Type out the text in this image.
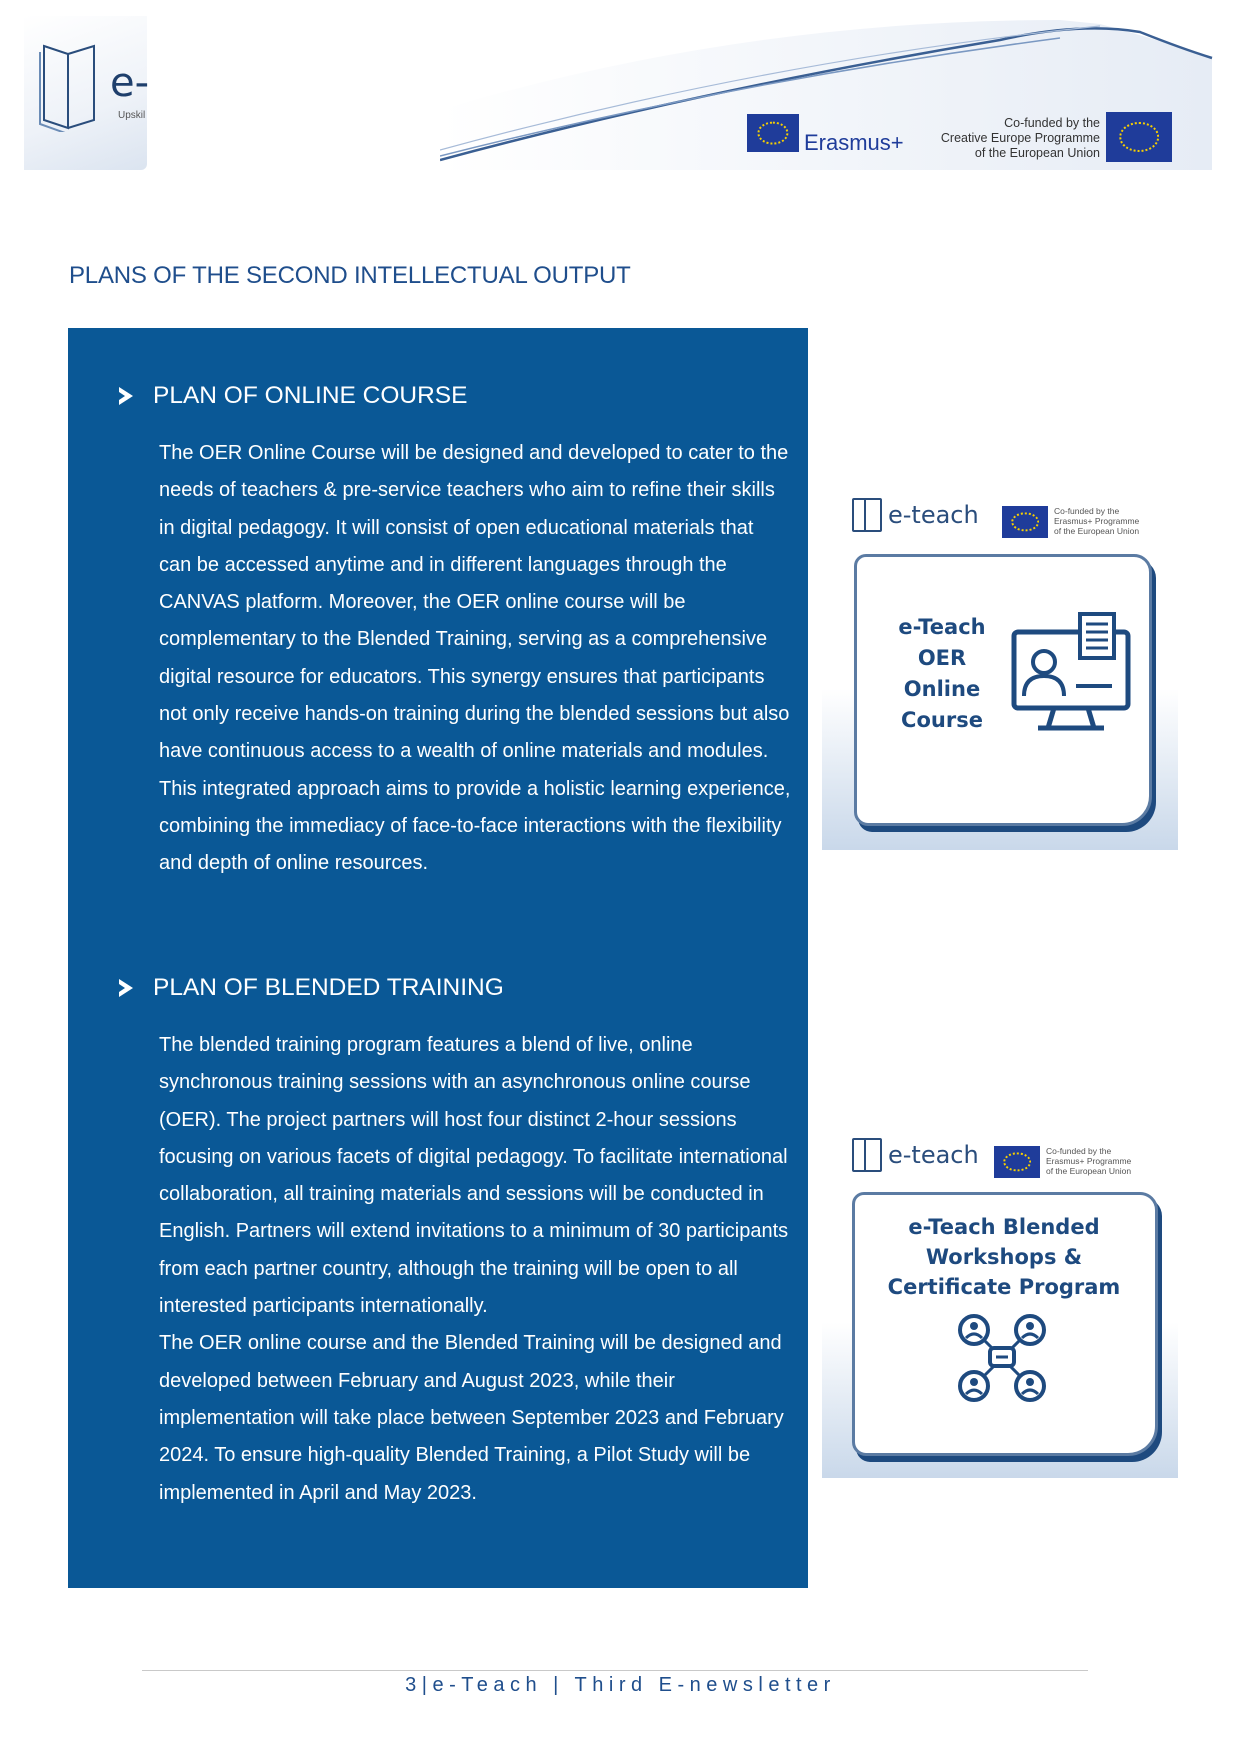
e-
Upskil
Erasmus+
Co-funded by the
Creative Europe Programme
of the European Union
PLANS OF THE SECOND INTELLECTUAL OUTPUT
PLAN OF ONLINE COURSE

The OER Online Course will be designed and developed to cater to the needs of teachers & pre-service teachers who aim to refine their skills in digital pedagogy. It will consist of open educational materials that can be accessed anytime and in different languages through the CANVAS platform. Moreover, the OER online course will be complementary to the Blended Training, serving as a comprehensive digital resource for educators. This synergy ensures that participants not only receive hands-on training during the blended sessions but also have continuous access to a wealth of online materials and modules. This integrated approach aims to provide a holistic learning experience, combining the immediacy of face-to-face interactions with the flexibility and depth of online resources.

PLAN OF BLENDED TRAINING

The blended training program features a blend of live, online synchronous training sessions with an asynchronous online course (OER). The project partners will host four distinct 2-hour sessions focusing on various facets of digital pedagogy. To facilitate international collaboration, all training materials and sessions will be conducted in English. Partners will extend invitations to a minimum of 30 participants from each partner country, although the training will be open to all interested participants internationally.

The OER online course and the Blended Training will be designed and developed between February and August 2023, while their implementation will take place between September 2023 and February 2024. To ensure high-quality Blended Training, a Pilot Study will be implemented in April and May 2023.

e-teach	Co-funded by the
Erasmus+ Programme
of the European Union
e-Teach
OER
Online
Course
e-teach	Co-funded by the
Erasmus+ Programme
of the European Union
e-Teach Blended
Workshops &
Certificate Program
3|e-Teach | Third E-newsletter
